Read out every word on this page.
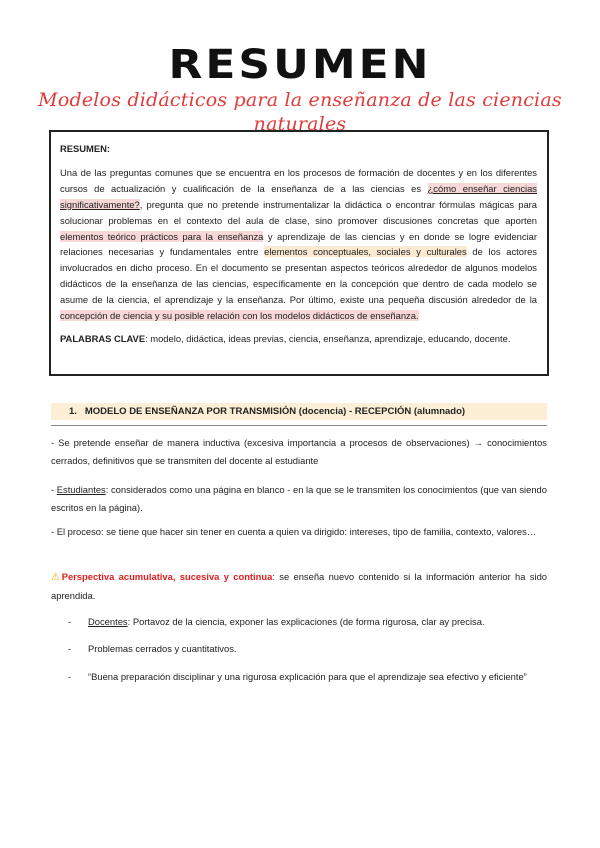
RESUMEN
Modelos didácticos para la enseñanza de las ciencias naturales
RESUMEN:
Una de las preguntas comunes que se encuentra en los procesos de formación de docentes y en los diferentes cursos de actualización y cualificación de la enseñanza de a las ciencias es ¿cómo enseñar ciencias significativamente?, pregunta que no pretende instrumentalizar la didáctica o encontrar fórmulas mágicas para solucionar problemas en el contexto del aula de clase, sino promover discusiones concretas que aporten elementos teórico prácticos para la enseñanza y aprendizaje de las ciencias y en donde se logre evidenciar relaciones necesarias y fundamentales entre elementos conceptuales, sociales y culturales de los actores involucrados en dicho proceso. En el documento se presentan aspectos teóricos alrededor de algunos modelos didácticos de la enseñanza de las ciencias, específicamente en la concepción que dentro de cada modelo se asume de la ciencia, el aprendizaje y la enseñanza. Por último, existe una pequeña discusión alrededor de la concepción de ciencia y su posible relación con los modelos didácticos de enseñanza.
PALABRAS CLAVE: modelo, didáctica, ideas previas, ciencia, enseñanza, aprendizaje, educando, docente.
1. MODELO DE ENSEÑANZA POR TRANSMISIÓN (docencia) - RECEPCIÓN (alumnado)
- Se pretende enseñar de manera inductiva (excesiva importancia a procesos de observaciones) → conocimientos cerrados, definitivos que se transmiten del docente al estudiante
- Estudiantes: considerados como una página en blanco - en la que se le transmiten los conocimientos (que van siendo escritos en la página).
- El proceso: se tiene que hacer sin tener en cuenta a quien va dirigido: intereses, tipo de familia, contexto, valores…
⚠Perspectiva acumulativa, sucesiva y continua: se enseña nuevo contenido si la información anterior ha sido aprendida.
- Docentes: Portavoz de la ciencia, exponer las explicaciones (de forma rigurosa, clar ay precisa.
- Problemas cerrados y cuantitativos.
- “Buena preparación disciplinar y una rigurosa explicación para que el aprendizaje sea efectivo y eficiente”
